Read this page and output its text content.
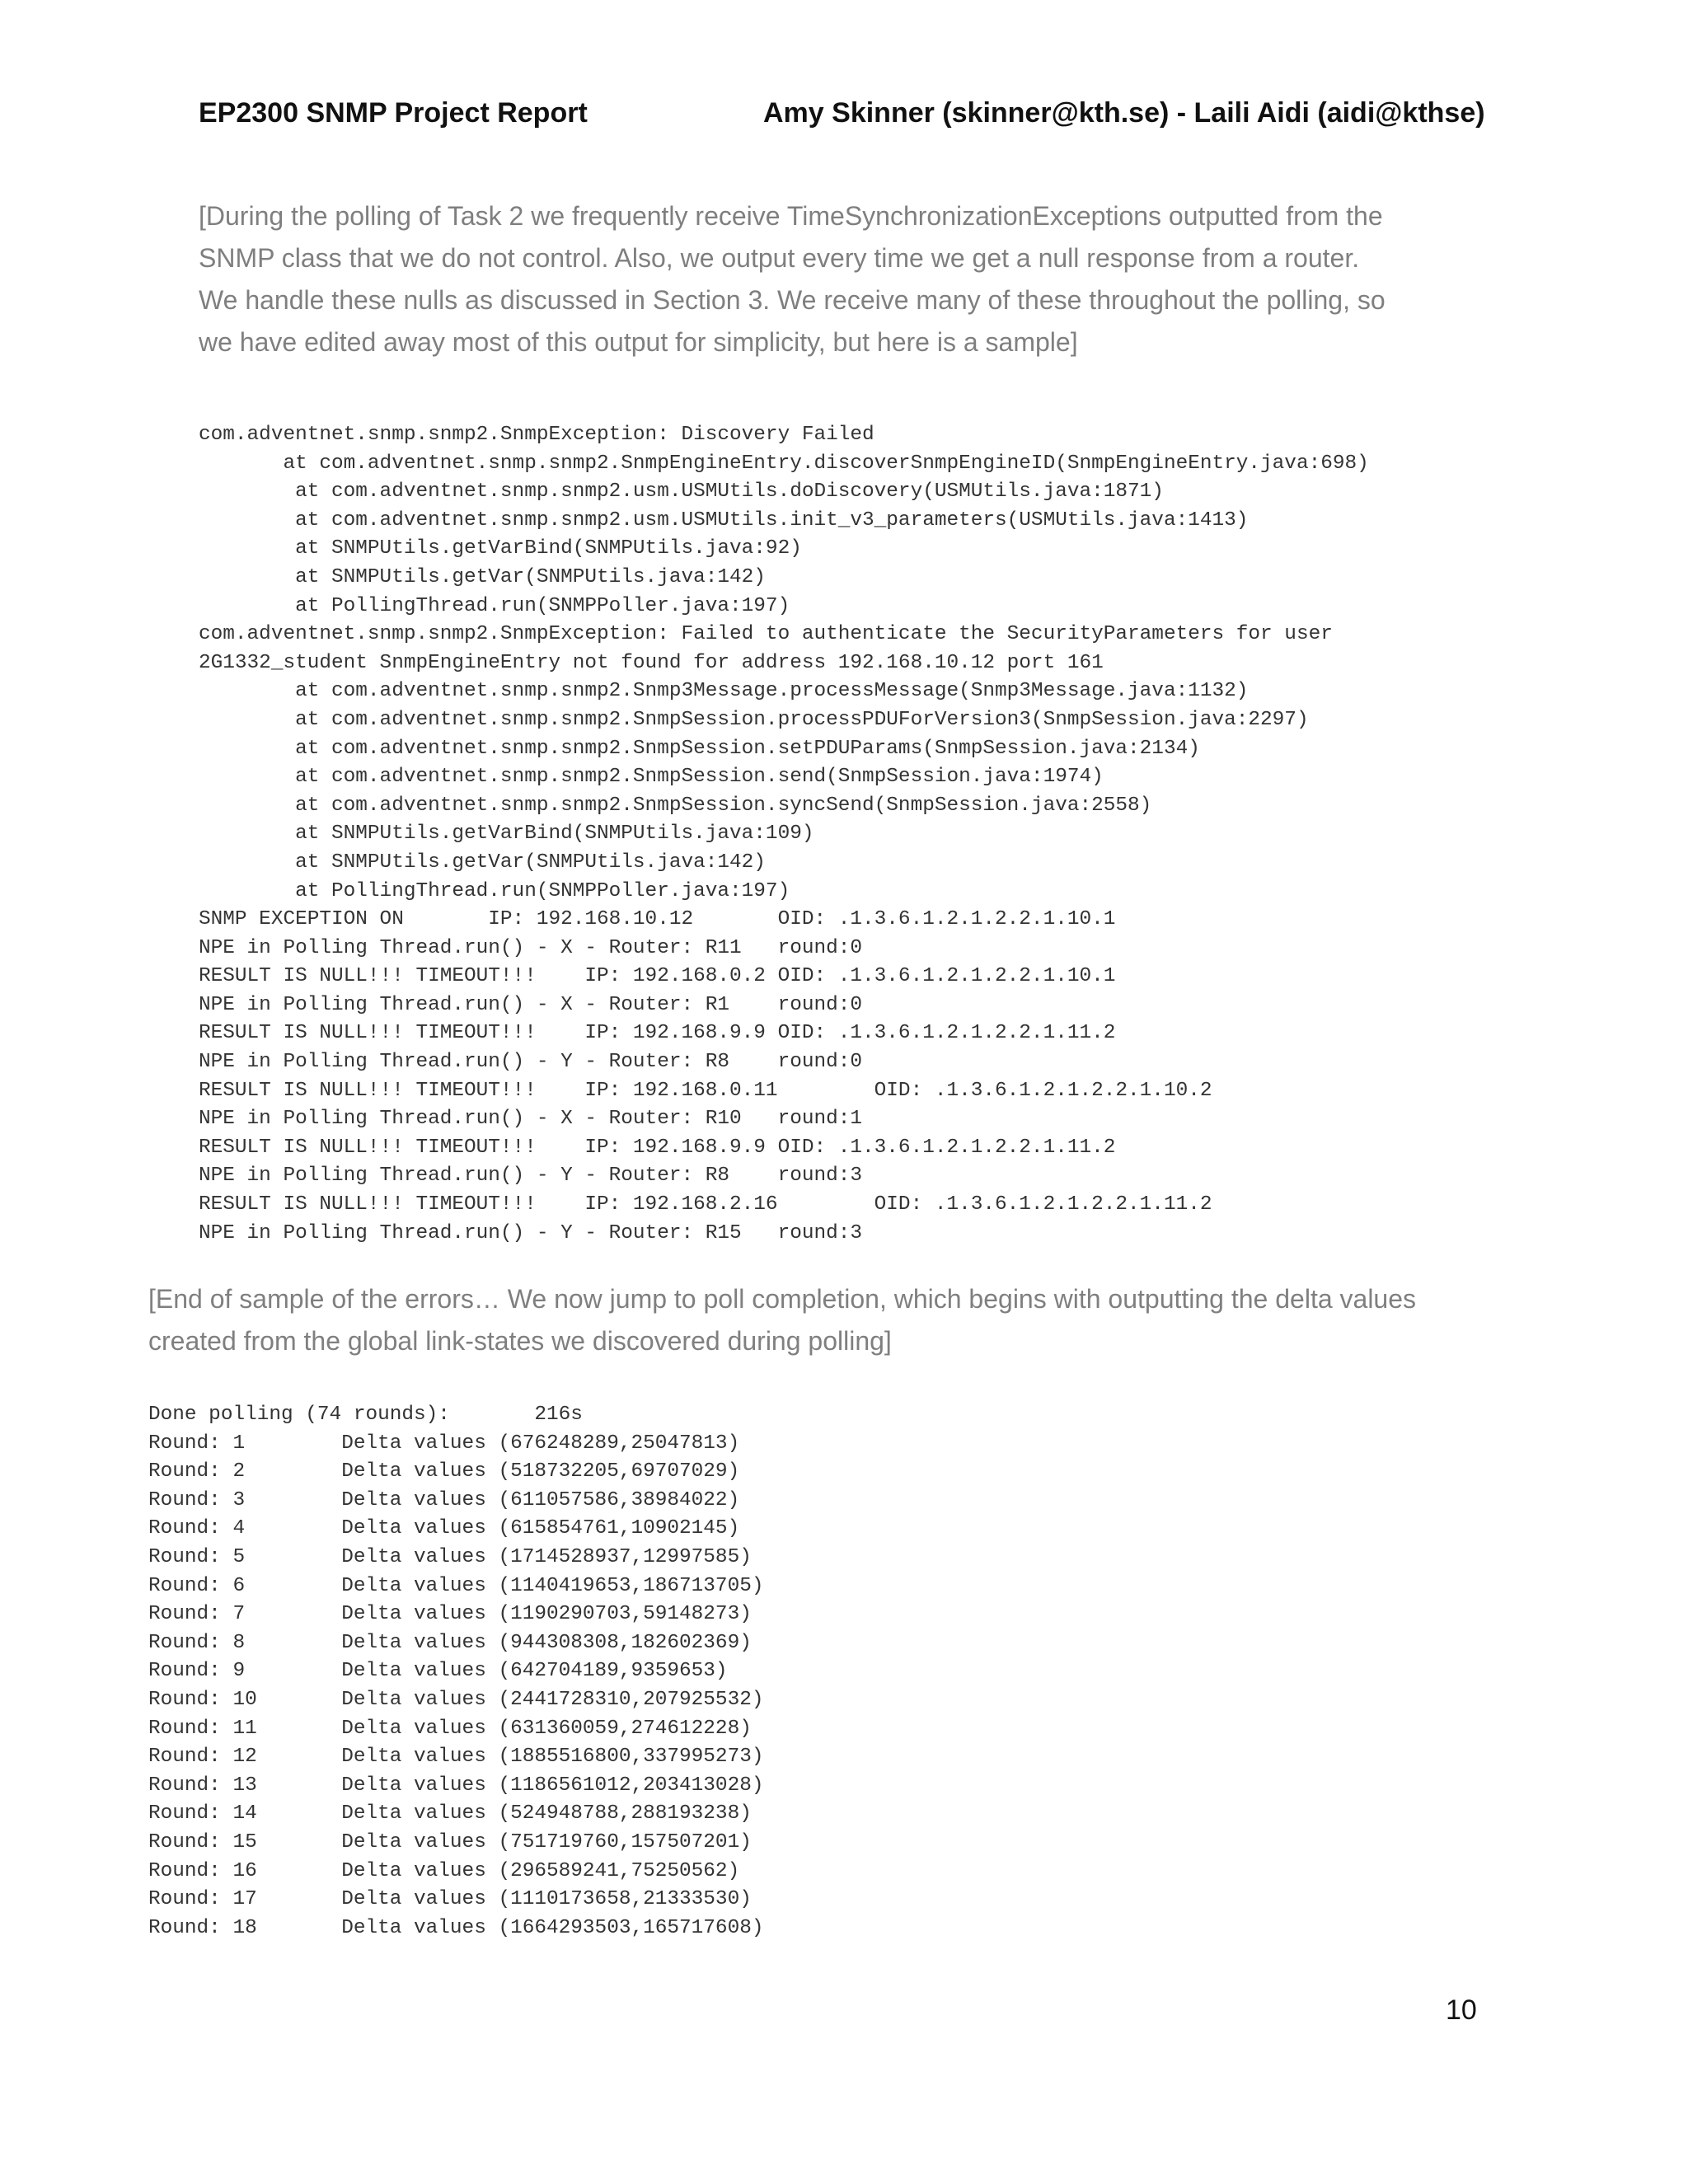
EP2300 SNMP Project Report	Amy Skinner (skinner@kth.se) - Laili Aidi (aidi@kthse)

[During the polling of Task 2 we frequently receive TimeSynchronizationExceptions outputted from the
SNMP class that we do not control. Also, we output every time we get a null response from a router.
We handle these nulls as discussed in Section 3. We receive many of these throughout the polling, so
we have edited away most of this output for simplicity, but here is a sample]

com.adventnet.snmp.snmp2.SnmpException: Discovery Failed
at com.adventnet.snmp.snmp2.SnmpEngineEntry.discoverSnmpEngineID(SnmpEngineEntry.java:698)
at com.adventnet.snmp.snmp2.usm.USMUtils.doDiscovery(USMUtils.java:1871)
at com.adventnet.snmp.snmp2.usm.USMUtils.init_v3_parameters(USMUtils.java:1413)
at SNMPUtils.getVarBind(SNMPUtils.java:92)
at SNMPUtils.getVar(SNMPUtils.java:142)
at PollingThread.run(SNMPPoller.java:197)
com.adventnet.snmp.snmp2.SnmpException: Failed to authenticate the SecurityParameters for user
2G1332_student SnmpEngineEntry not found for address 192.168.10.12 port 161
at com.adventnet.snmp.snmp2.Snmp3Message.processMessage(Snmp3Message.java:1132)
at com.adventnet.snmp.snmp2.SnmpSession.processPDUForVersion3(SnmpSession.java:2297)
at com.adventnet.snmp.snmp2.SnmpSession.setPDUParams(SnmpSession.java:2134)
at com.adventnet.snmp.snmp2.SnmpSession.send(SnmpSession.java:1974)
at com.adventnet.snmp.snmp2.SnmpSession.syncSend(SnmpSession.java:2558)
at SNMPUtils.getVarBind(SNMPUtils.java:109)
at SNMPUtils.getVar(SNMPUtils.java:142)
at PollingThread.run(SNMPPoller.java:197)
SNMP EXCEPTION ON       IP: 192.168.10.12       OID: .1.3.6.1.2.1.2.2.1.10.1
NPE in Polling Thread.run() - X - Router: R11   round:0
RESULT IS NULL!!! TIMEOUT!!!    IP: 192.168.0.2 OID: .1.3.6.1.2.1.2.2.1.10.1
NPE in Polling Thread.run() - X - Router: R1    round:0
RESULT IS NULL!!! TIMEOUT!!!    IP: 192.168.9.9 OID: .1.3.6.1.2.1.2.2.1.11.2
NPE in Polling Thread.run() - Y - Router: R8    round:0
RESULT IS NULL!!! TIMEOUT!!!    IP: 192.168.0.11        OID: .1.3.6.1.2.1.2.2.1.10.2
NPE in Polling Thread.run() - X - Router: R10   round:1
RESULT IS NULL!!! TIMEOUT!!!    IP: 192.168.9.9 OID: .1.3.6.1.2.1.2.2.1.11.2
NPE in Polling Thread.run() - Y - Router: R8    round:3
RESULT IS NULL!!! TIMEOUT!!!    IP: 192.168.2.16        OID: .1.3.6.1.2.1.2.2.1.11.2
NPE in Polling Thread.run() - Y - Router: R15   round:3

[End of sample of the errors… We now jump to poll completion, which begins with outputting the delta values
created from the global link-states we discovered during polling]

Done polling (74 rounds):       216s
Round: 1        Delta values (676248289,25047813)
Round: 2        Delta values (518732205,69707029)
Round: 3        Delta values (611057586,38984022)
Round: 4        Delta values (615854761,10902145)
Round: 5        Delta values (1714528937,12997585)
Round: 6        Delta values (1140419653,186713705)
Round: 7        Delta values (1190290703,59148273)
Round: 8        Delta values (944308308,182602369)
Round: 9        Delta values (642704189,9359653)
Round: 10       Delta values (2441728310,207925532)
Round: 11       Delta values (631360059,274612228)
Round: 12       Delta values (1885516800,337995273)
Round: 13       Delta values (1186561012,203413028)
Round: 14       Delta values (524948788,288193238)
Round: 15       Delta values (751719760,157507201)
Round: 16       Delta values (296589241,75250562)
Round: 17       Delta values (1110173658,21333530)
Round: 18       Delta values (1664293503,165717608)
10
